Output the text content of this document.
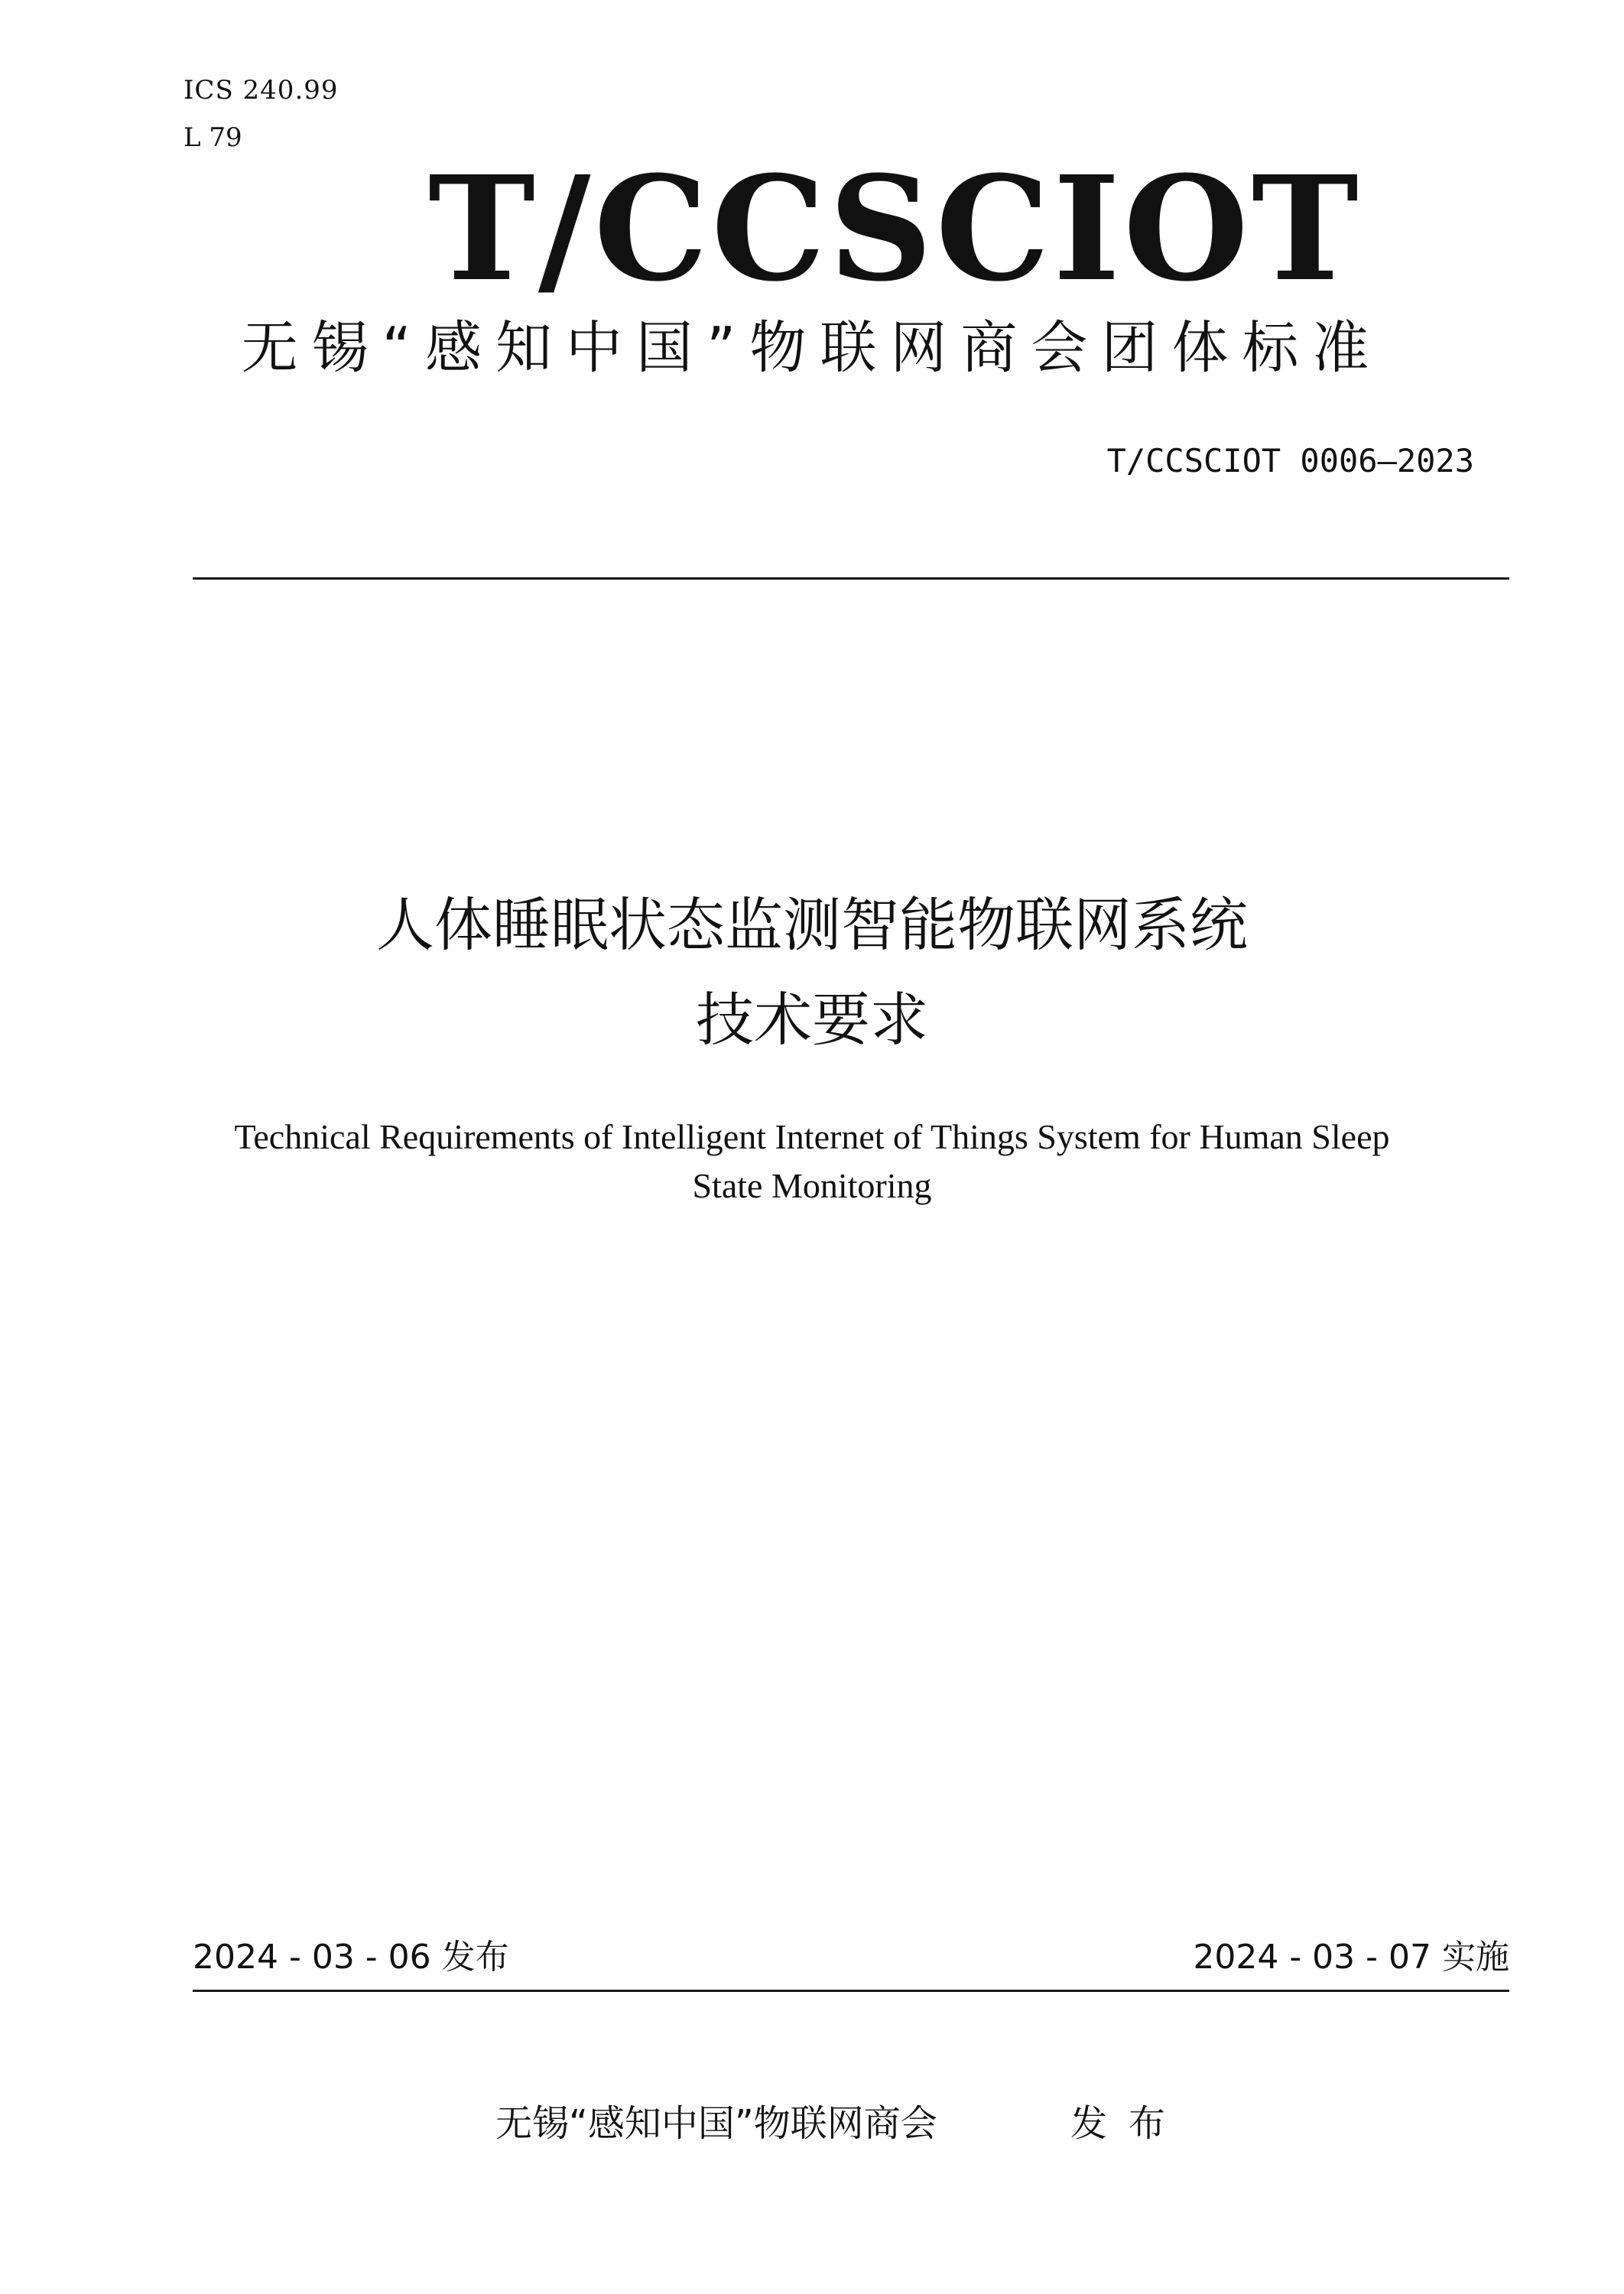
ICS 240.99
L 79
T/CCSCIOT
无锡“感知中国”物联网商会团体标准
T/CCSCIOT 0006—2023
人体睡眠状态监测智能物联网系统
技术要求
Technical Requirements of Intelligent Internet of Things System for Human Sleep
State Monitoring
2024 - 03 - 06 发布	2024 - 03 - 07 实施
无锡“感知中国”物联网商会	发布
